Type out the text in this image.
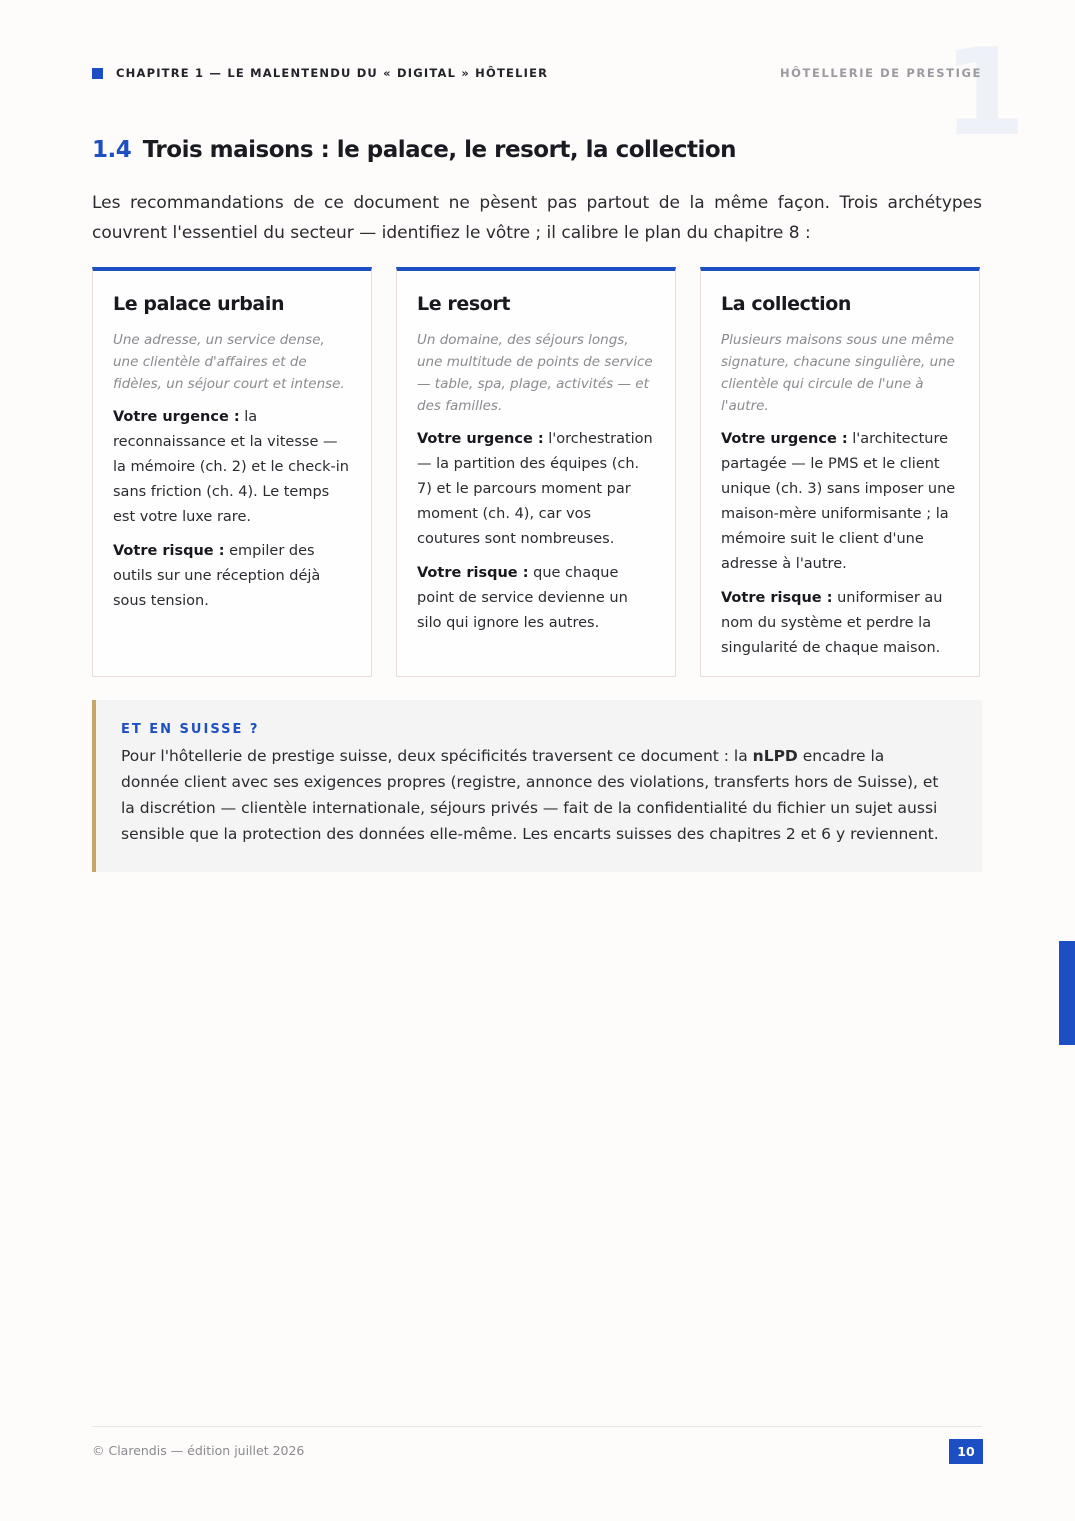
1
CHAPITRE 1 — LE MALENTENDU DU « DIGITAL » HÔTELIER	HÔTELLERIE DE PRESTIGE
1.4 Trois maisons : le palace, le resort, la collection

Les recommandations de ce document ne pèsent pas partout de la même façon. Trois archétypes couvrent l'essentiel du secteur — identifiez le vôtre ; il calibre le plan du chapitre 8 :

Le palace urbain

Une adresse, un service dense, une clientèle d'affaires et de fidèles, un séjour court et intense.

Votre urgence : la reconnaissance et la vitesse — la mémoire (ch. 2) et le check-in sans friction (ch. 4). Le temps est votre luxe rare.

Votre risque : empiler des outils sur une réception déjà sous tension.

Le resort

Un domaine, des séjours longs, une multitude de points de service — table, spa, plage, activités — et des familles.

Votre urgence : l'orchestration — la partition des équipes (ch. 7) et le parcours moment par moment (ch. 4), car vos coutures sont nombreuses.

Votre risque : que chaque point de service devienne un silo qui ignore les autres.

La collection

Plusieurs maisons sous une même signature, chacune singulière, une clientèle qui circule de l'une à l'autre.

Votre urgence : l'architecture partagée — le PMS et le client unique (ch. 3) sans imposer une maison-mère uniformisante ; la mémoire suit le client d'une adresse à l'autre.

Votre risque : uniformiser au nom du système et perdre la singularité de chaque maison.

ET EN SUISSE ?

Pour l'hôtellerie de prestige suisse, deux spécificités traversent ce document : la nLPD encadre la donnée client avec ses exigences propres (registre, annonce des violations, transferts hors de Suisse), et la discrétion — clientèle internationale, séjours privés — fait de la confidentialité du fichier un sujet aussi sensible que la protection des données elle-même. Les encarts suisses des chapitres 2 et 6 y reviennent.

© Clarendis — édition juillet 2026	10
